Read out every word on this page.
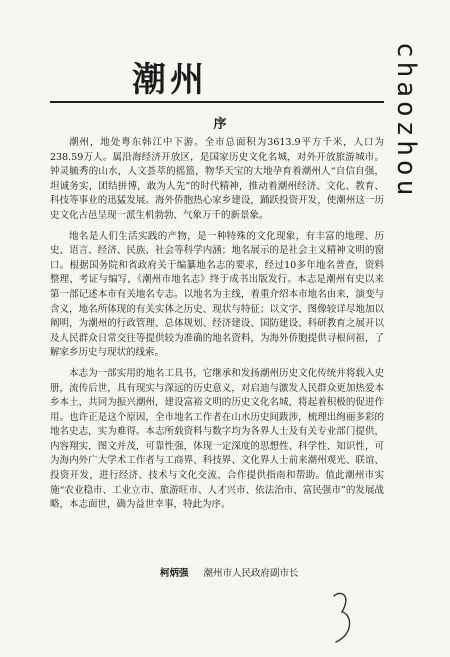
潮州	chaozhou
序

潮州，地处粤东韩江中下游。全市总面积为3613.9平方千米，人口为238.59万人。属沿海经济开放区，是国家历史文化名城，对外开放旅游城市。钟灵毓秀的山水，人文荟萃的摇篮，物华天宝的大地孕育着潮州人“自信自强，坦诚务实，团结拼博，敢为人先”的时代精神，推动着潮州经济、文化、教育、科技等事业的迅猛发展。海外侨胞热心家乡建设，踊跃投资开发，使潮州这一历史文化古邑呈现一派生机勃勃、气象万千的新景象。

地名是人们生活实践的产物，是一种特殊的文化现象，有丰富的地理、历史、语言、经济、民族、社会等科学内涵；地名展示的是社会主义精神文明的窗口。根据国务院和省政府关于编纂地名志的要求，经过10多年地名普查，资料整理、考证与编写，《潮州市地名志》终于成书出版发行。本志是潮州有史以来第一部记述本市有关地名专志。以地名为主线，着重介绍本市地名由来，演变与含义，地名所体现的有关实体之历史、现状与特征；以文字、图像较详尽地加以阐明，为潮州的行政管理、总体规划、经济建设、国防建设、科研教育之展开以及人民群众日常交往等提供较为准确的地名资料，为海外侨胞提供寻根问祖，了解家乡历史与现状的线索。

本志为一部实用的地名工具书，它继承和发扬潮州历史文化传统并将载入史册，流传后世，具有现实与深远的历史意义，对启迪与激发人民群众更加热爱本乡本土，共同为振兴潮州，建设富裕文明的历史文化名城，将起着积极的促进作用。也许正是这个原因，全市地名工作者在山水历史间跋涉，梳理出绚丽多彩的地名史志，实为难得。本志所载资料与数字均为各界人士及有关专业部门提供，内容翔实，图文并茂，可靠性强，体现一定深度的思想性、科学性、知识性，可为海内外广大学术工作者与工商界、科技界、文化界人士前来潮州观光、联谊、投资开发，进行经济、技术与文化交流、合作提供指南和帮助。值此潮州市实施“农业稳市、工业立市、旅游旺市、人才兴市、依法治市、富民强市”的发展战略，本志面世，确为益世幸事，特此为序。

柯炳强 潮州市人民政府副市长
